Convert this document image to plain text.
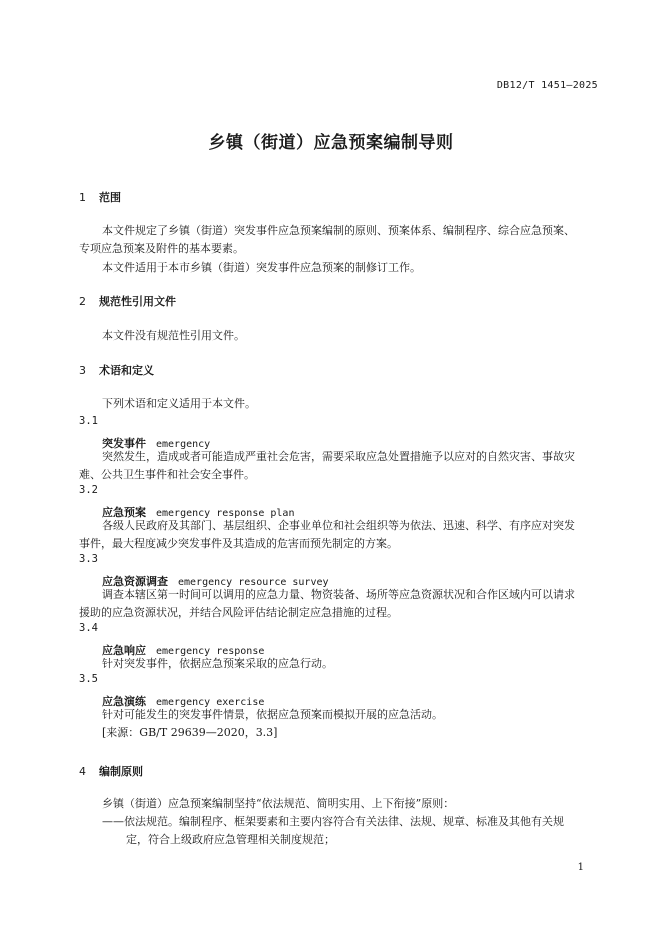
DB12/T 1451—2025
乡镇（街道）应急预案编制导则
1 范围
本文件规定了乡镇（街道）突发事件应急预案编制的原则、预案体系、编制程序、综合应急预案、
专项应急预案及附件的基本要素。
本文件适用于本市乡镇（街道）突发事件应急预案的制修订工作。
2 规范性引用文件
本文件没有规范性引用文件。
3 术语和定义
下列术语和定义适用于本文件。
3.1
突发事件 emergency
突然发生，造成或者可能造成严重社会危害，需要采取应急处置措施予以应对的自然灾害、事故灾
难、公共卫生事件和社会安全事件。
3.2
应急预案 emergency response plan
各级人民政府及其部门、基层组织、企事业单位和社会组织等为依法、迅速、科学、有序应对突发
事件，最大程度减少突发事件及其造成的危害而预先制定的方案。
3.3
应急资源调查 emergency resource survey
调查本辖区第一时间可以调用的应急力量、物资装备、场所等应急资源状况和合作区域内可以请求
援助的应急资源状况，并结合风险评估结论制定应急措施的过程。
3.4
应急响应 emergency response
针对突发事件，依据应急预案采取的应急行动。
3.5
应急演练 emergency exercise
针对可能发生的突发事件情景，依据应急预案而模拟开展的应急活动。
[来源：GB/T 29639—2020，3.3]
4 编制原则
乡镇（街道）应急预案编制坚持“依法规范、简明实用、上下衔接”原则：
——依法规范。编制程序、框架要素和主要内容符合有关法律、法规、规章、标准及其他有关规
定，符合上级政府应急管理相关制度规范；
1
